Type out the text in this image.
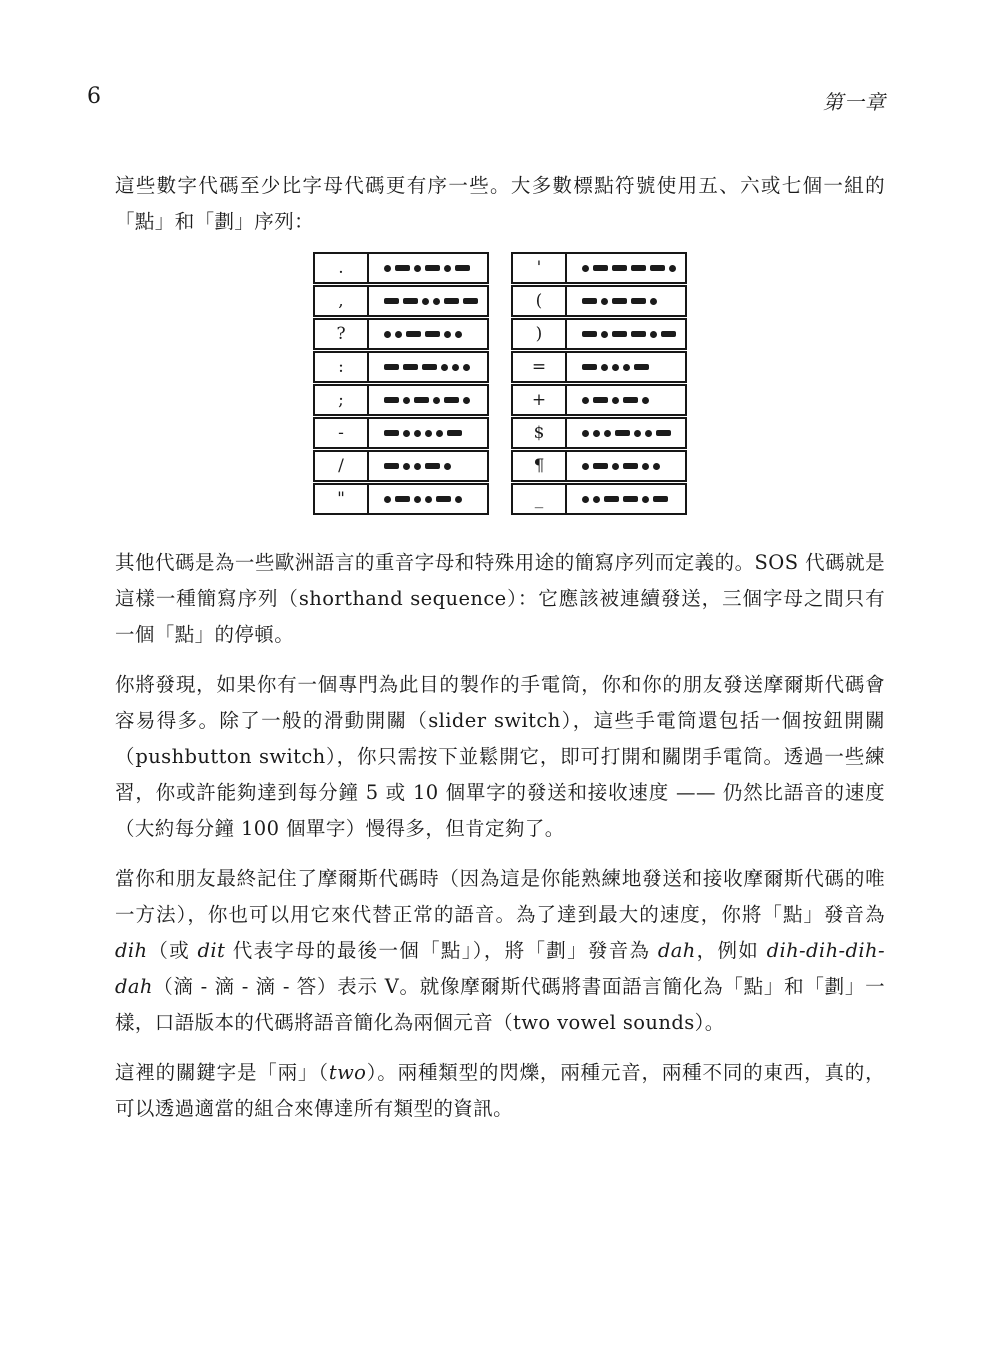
6	第一章

這些數字代碼至少比字母代碼更有序一些。大多數標點符號使用五、六或七個一組的「點」和「劃」序列：

.
,
?
:
;
-
/
"
'
(
)
=
+
$
¶
_

其他代碼是為一些歐洲語言的重音字母和特殊用途的簡寫序列而定義的。SOS 代碼就是這樣一種簡寫序列（shorthand sequence）：它應該被連續發送，三個字母之間只有一個「點」的停頓。

你將發現，如果你有一個專門為此目的製作的手電筒，你和你的朋友發送摩爾斯代碼會容易得多。除了一般的滑動開關（slider switch），這些手電筒還包括一個按鈕開關（pushbutton switch），你只需按下並鬆開它，即可打開和關閉手電筒。透過一些練習，你或許能夠達到每分鐘 5 或 10 個單字的發送和接收速度 —— 仍然比語音的速度（大約每分鐘 100 個單字）慢得多，但肯定夠了。

當你和朋友最終記住了摩爾斯代碼時（因為這是你能熟練地發送和接收摩爾斯代碼的唯一方法），你也可以用它來代替正常的語音。為了達到最大的速度，你將「點」發音為 dih（或 dit 代表字母的最後一個「點」），將「劃」發音為 dah，例如 dih-dih-dih-dah（滴 - 滴 - 滴 - 答）表示 V。就像摩爾斯代碼將書面語言簡化為「點」和「劃」一樣，口語版本的代碼將語音簡化為兩個元音（two vowel sounds）。

這裡的關鍵字是「兩」（two）。兩種類型的閃爍，兩種元音，兩種不同的東西，真的，可以透過適當的組合來傳達所有類型的資訊。
